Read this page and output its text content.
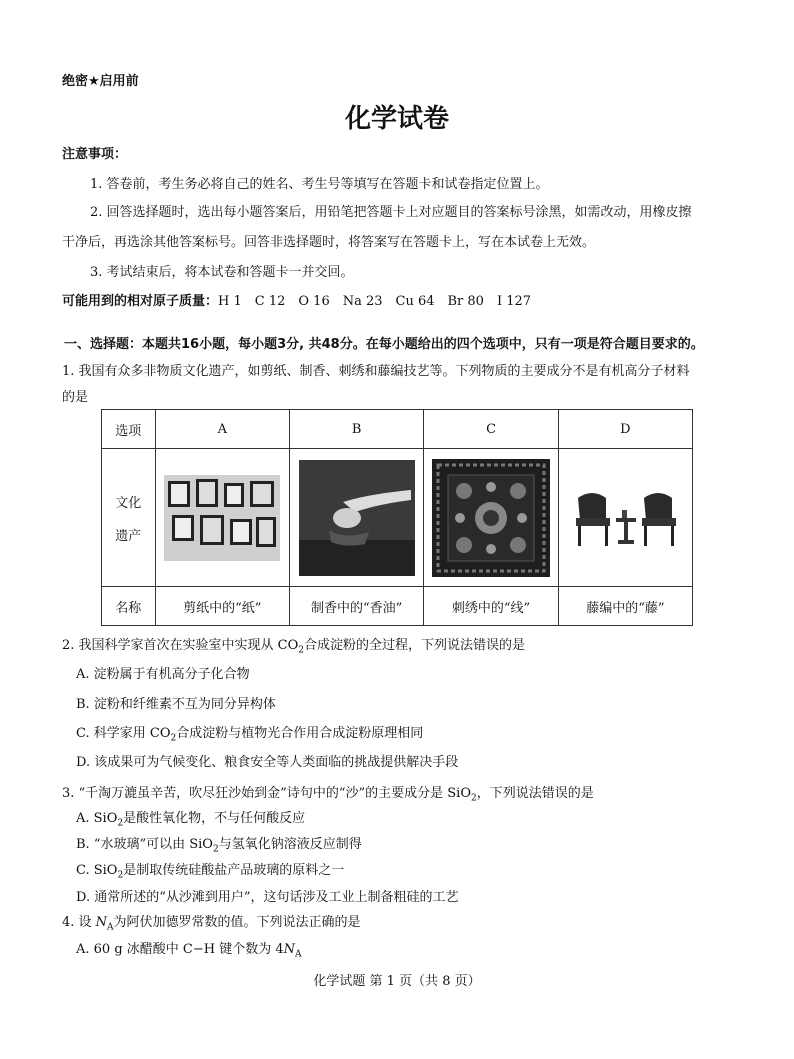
绝密★启用前
化学试卷
注意事项：
1. 答卷前，考生务必将自己的姓名、考生号等填写在答题卡和试卷指定位置上。
2. 回答选择题时，选出每小题答案后，用铅笔把答题卡上对应题目的答案标号涂黑，如需改动，用橡皮擦
干净后，再选涂其他答案标号。回答非选择题时，将答案写在答题卡上，写在本试卷上无效。
3. 考试结束后，将本试卷和答题卡一并交回。
可能用到的相对原子质量：H 1　C 12　O 16　Na 23　Cu 64　Br 80　I 127
一、选择题：本题共16小题，每小题3分, 共48分。在每小题给出的四个选项中，只有一项是符合题目要求的。
1. 我国有众多非物质文化遗产，如剪纸、制香、刺绣和藤编技艺等。下列物质的主要成分不是有机高分子材料
的是
选项	A	B	C	D

文化
遗产

名称	剪纸中的“纸”	制香中的“香油”	刺绣中的“线”	藤编中的“藤”
2. 我国科学家首次在实验室中实现从 $CO_2$合成淀粉的全过程，下列说法错误的是
A. 淀粉属于有机高分子化合物
B. 淀粉和纤维素不互为同分异构体
C. 科学家用 $CO_2$合成淀粉与植物光合作用合成淀粉原理相同
D. 该成果可为气候变化、粮食安全等人类面临的挑战提供解决手段
3. “千淘万漉虽辛苦，吹尽狂沙始到金”诗句中的“沙”的主要成分是 SiO$_2$，下列说法错误的是
A. SiO$_2$是酸性氧化物，不与任何酸反应
B. “水玻璃”可以由 SiO$_2$与氢氧化钠溶液反应制得
C. SiO$_2$是制取传统硅酸盐产品玻璃的原料之一
D. 通常所述的“从沙滩到用户”，这句话涉及工业上制备粗硅的工艺
4. 设 $N_A$为阿伏加德罗常数的值。下列说法正确的是
A. 60 g 冰醋酸中 C−H 键个数为 $4N_A$
化学试题 第 1 页（共 8 页）
